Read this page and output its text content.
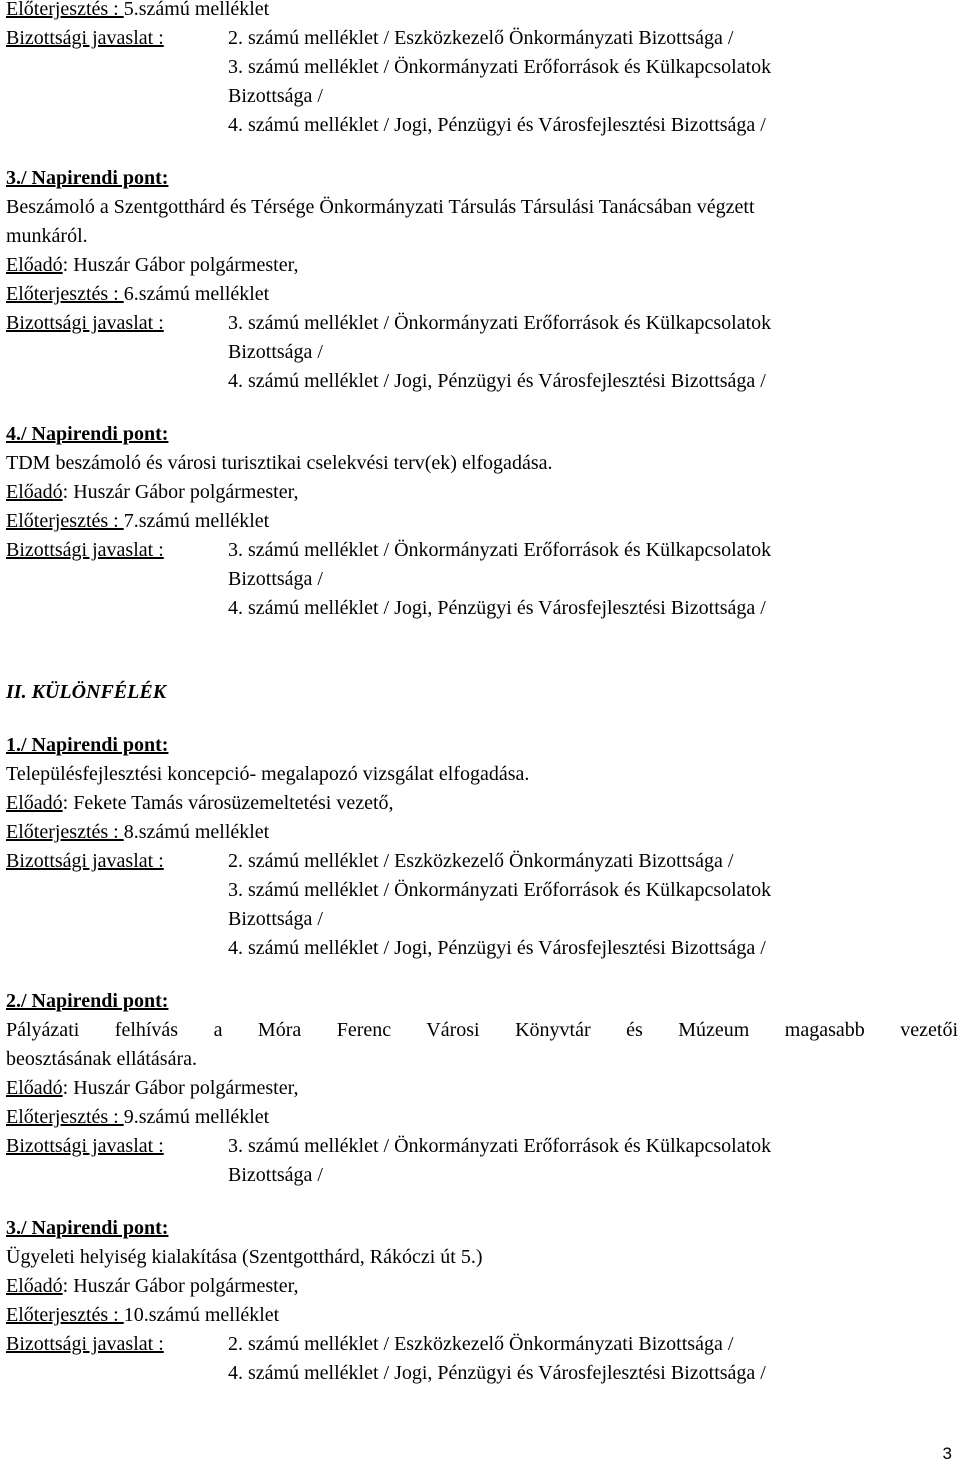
Előterjesztés : 5.számú melléklet
Bizottsági javaslat :	2. számú melléklet / Eszközkezelő Önkormányzati Bizottsága /
3. számú melléklet / Önkormányzati Erőforrások és Külkapcsolatok
Bizottsága /
4. számú melléklet / Jogi, Pénzügyi és Városfejlesztési Bizottsága /
3./ Napirendi pont:
Beszámoló a Szentgotthárd és Térsége Önkormányzati Társulás Társulási Tanácsában végzett
munkáról.
Előadó: Huszár Gábor polgármester,
Előterjesztés : 6.számú melléklet
Bizottsági javaslat :	3. számú melléklet / Önkormányzati Erőforrások és Külkapcsolatok
Bizottsága /
4. számú melléklet / Jogi, Pénzügyi és Városfejlesztési Bizottsága /
4./ Napirendi pont:
TDM beszámoló és városi turisztikai cselekvési terv(ek) elfogadása.
Előadó: Huszár Gábor polgármester,
Előterjesztés : 7.számú melléklet
Bizottsági javaslat :	3. számú melléklet / Önkormányzati Erőforrások és Külkapcsolatok
Bizottsága /
4. számú melléklet / Jogi, Pénzügyi és Városfejlesztési Bizottsága /
II. KÜLÖNFÉLÉK
1./ Napirendi pont:
Településfejlesztési koncepció- megalapozó vizsgálat elfogadása.
Előadó: Fekete Tamás városüzemeltetési vezető,
Előterjesztés : 8.számú melléklet
Bizottsági javaslat :	2. számú melléklet / Eszközkezelő Önkormányzati Bizottsága /
3. számú melléklet / Önkormányzati Erőforrások és Külkapcsolatok
Bizottsága /
4. számú melléklet / Jogi, Pénzügyi és Városfejlesztési Bizottsága /
2./ Napirendi pont:
Pályázati felhívás a Móra Ferenc Városi Könyvtár és Múzeum magasabb vezetői
beosztásának ellátására.
Előadó: Huszár Gábor polgármester,
Előterjesztés : 9.számú melléklet
Bizottsági javaslat :	3. számú melléklet / Önkormányzati Erőforrások és Külkapcsolatok
Bizottsága /
3./ Napirendi pont:
Ügyeleti helyiség kialakítása (Szentgotthárd, Rákóczi út 5.)
Előadó: Huszár Gábor polgármester,
Előterjesztés : 10.számú melléklet
Bizottsági javaslat :	2. számú melléklet / Eszközkezelő Önkormányzati Bizottsága /
4. számú melléklet / Jogi, Pénzügyi és Városfejlesztési Bizottsága /
3
